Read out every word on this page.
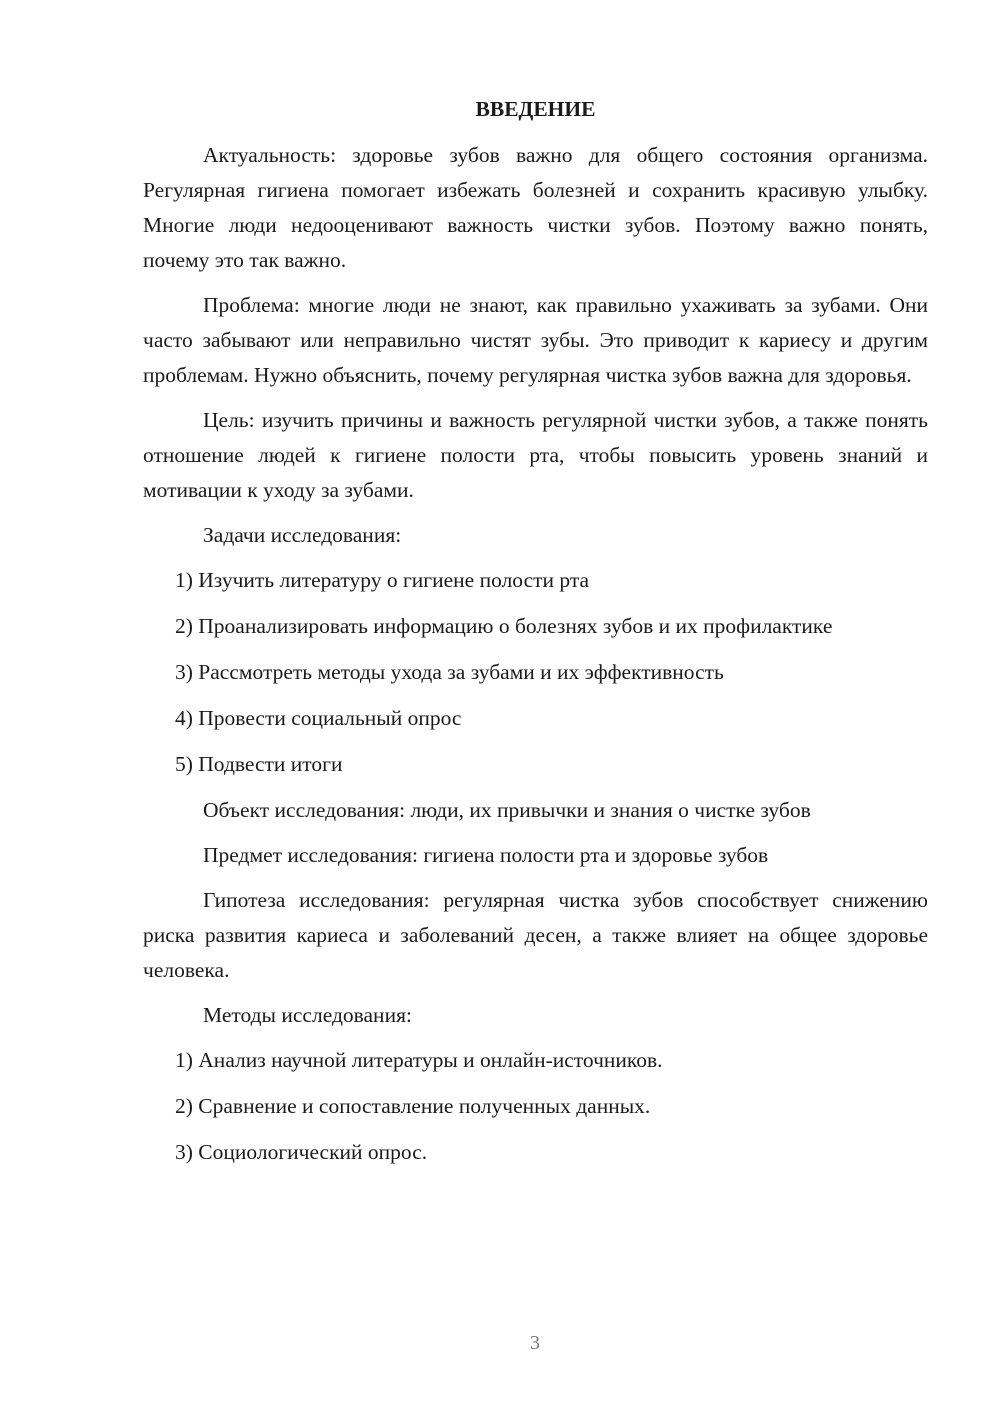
ВВЕДЕНИЕ

Актуальность: здоровье зубов важно для общего состояния организма. Регулярная гигиена помогает избежать болезней и сохранить красивую улыбку. Многие люди недооценивают важность чистки зубов. Поэтому важно понять, почему это так важно.

Проблема: многие люди не знают, как правильно ухаживать за зубами. Они часто забывают или неправильно чистят зубы. Это приводит к кариесу и другим проблемам. Нужно объяснить, почему регулярная чистка зубов важна для здоровья.

Цель: изучить причины и важность регулярной чистки зубов, а также понять отношение людей к гигиене полости рта, чтобы повысить уровень знаний и мотивации к уходу за зубами.

Задачи исследования:

1) Изучить литературу о гигиене полости рта

2) Проанализировать информацию о болезнях зубов и их профилактике

3) Рассмотреть методы ухода за зубами и их эффективность

4) Провести социальный опрос

5) Подвести итоги

Объект исследования: люди, их привычки и знания о чистке зубов

Предмет исследования: гигиена полости рта и здоровье зубов

Гипотеза исследования: регулярная чистка зубов способствует снижению риска развития кариеса и заболеваний десен, а также влияет на общее здоровье человека.

Методы исследования:

1) Анализ научной литературы и онлайн-источников.

2) Сравнение и сопоставление полученных данных.

3) Социологический опрос.

3
